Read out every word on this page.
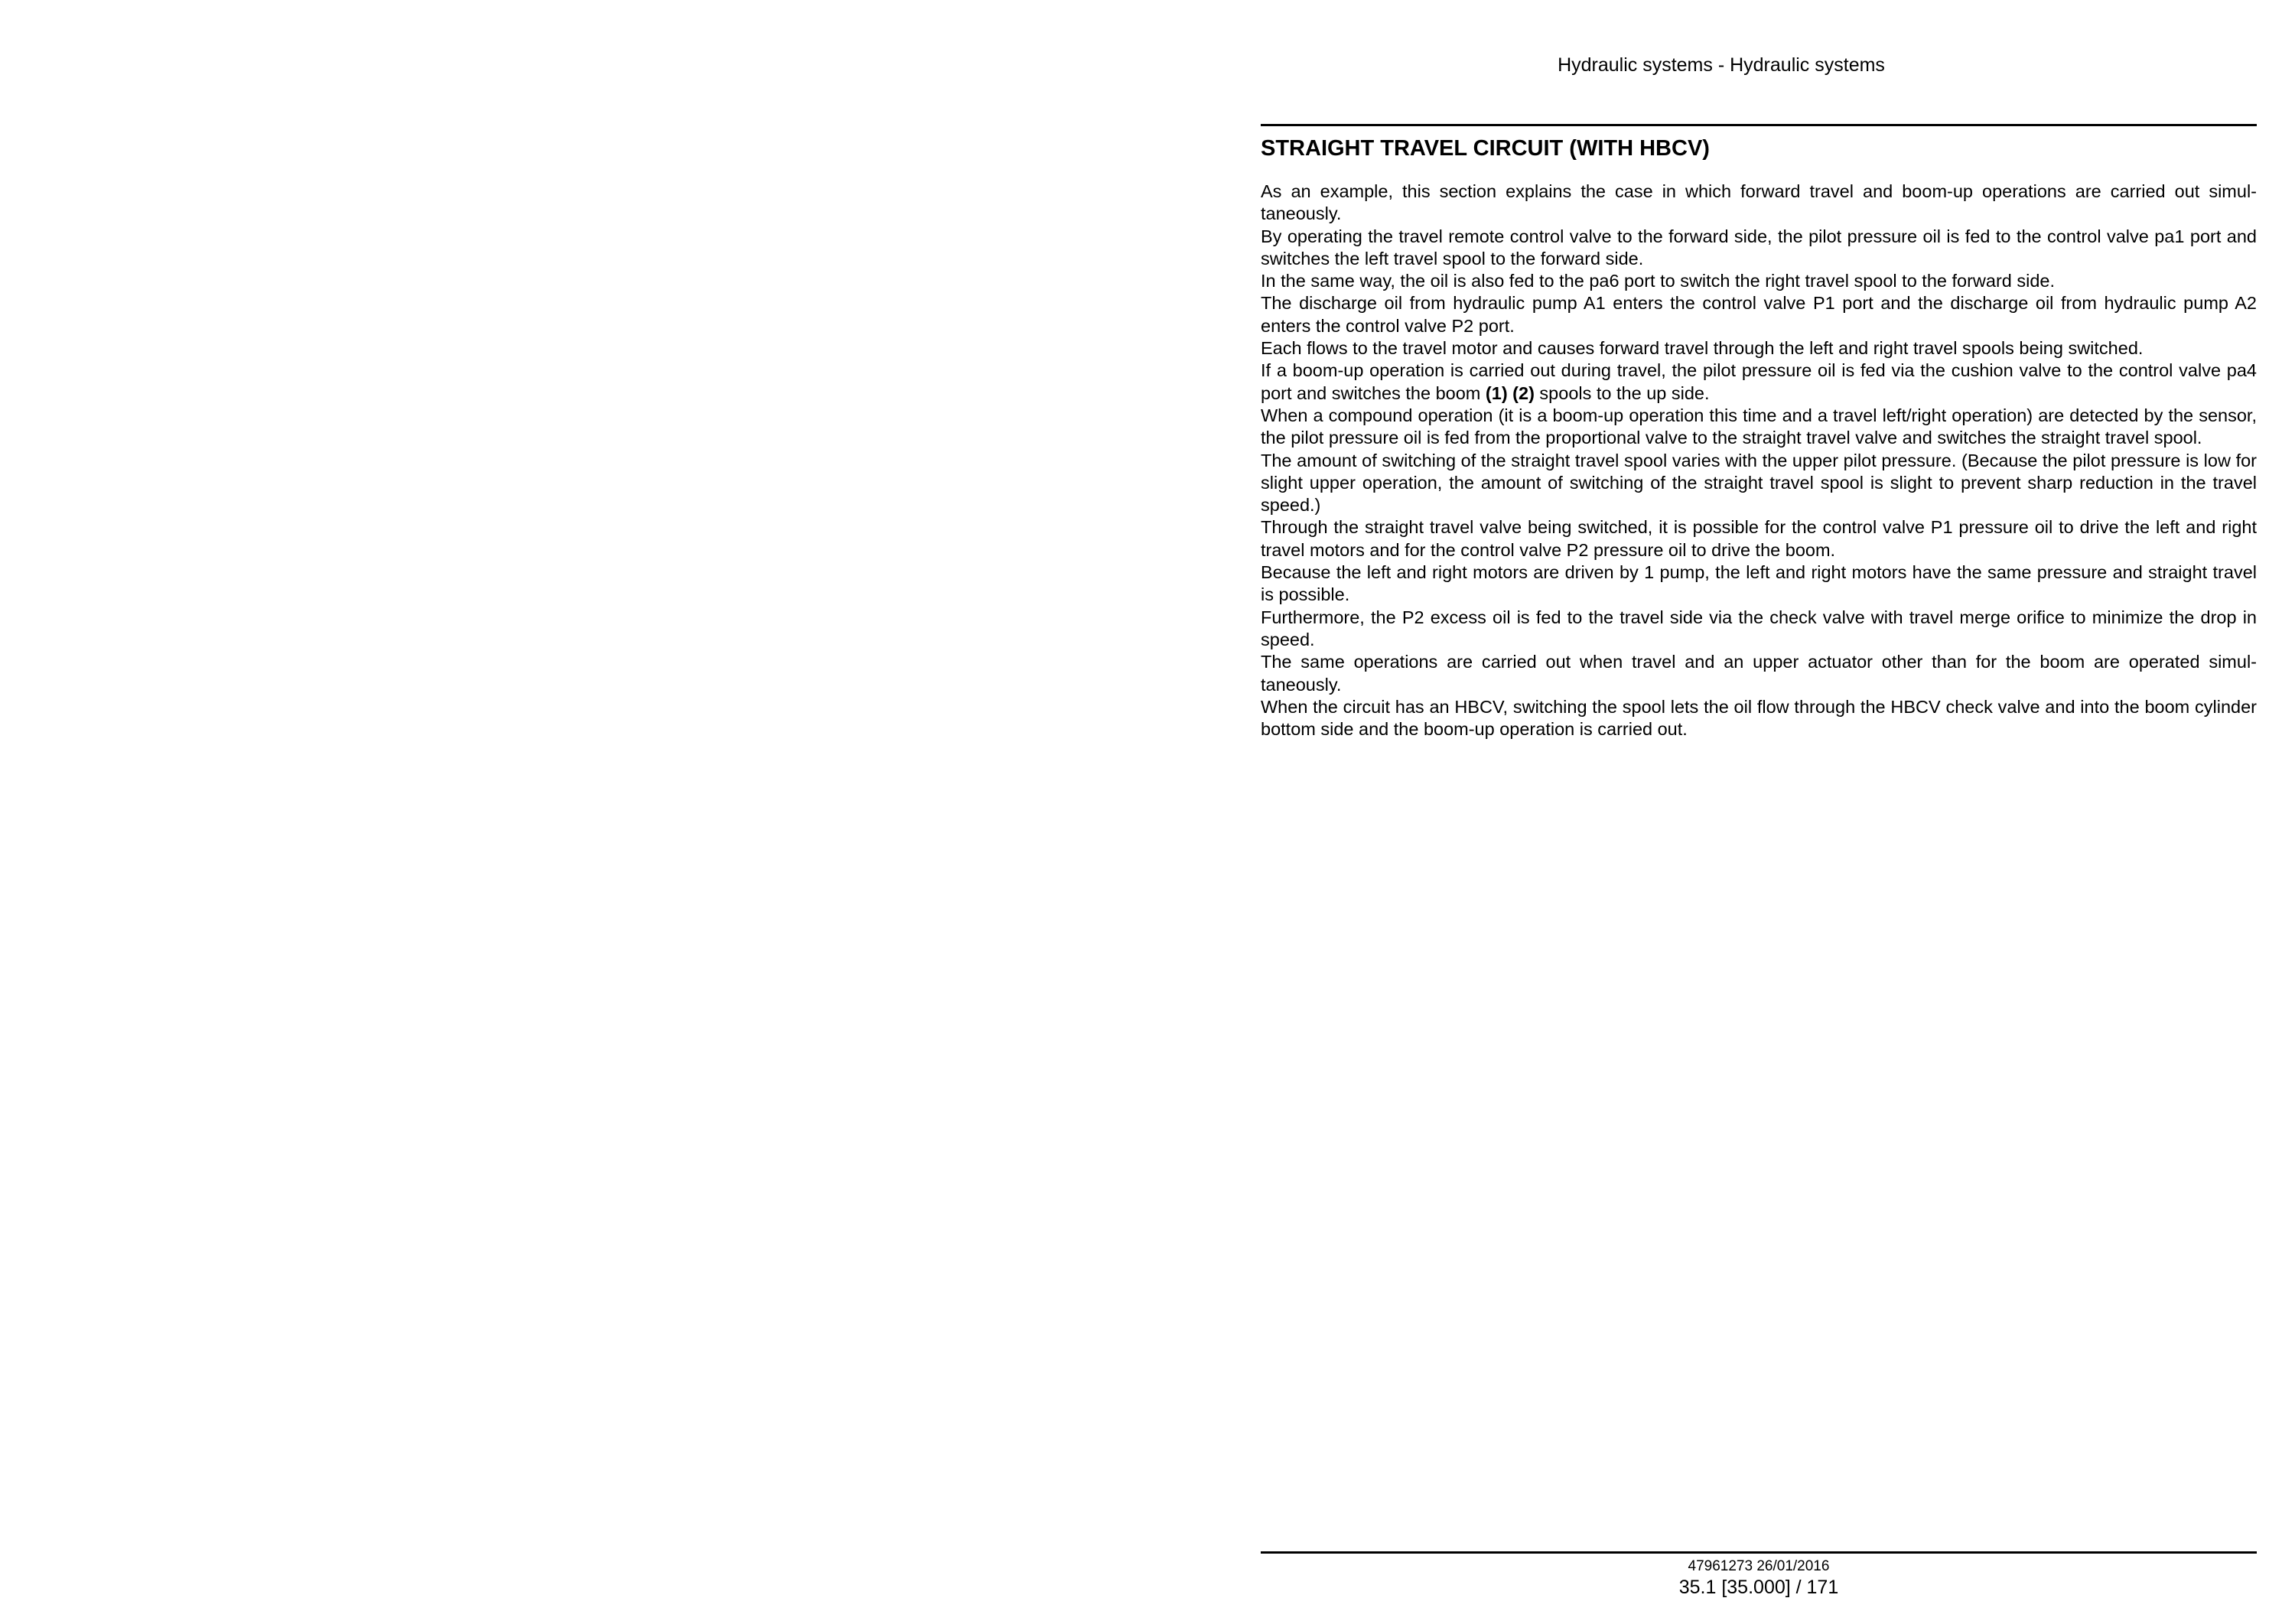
Hydraulic systems - Hydraulic systems
STRAIGHT TRAVEL CIRCUIT (WITH HBCV)

As an example, this section explains the case in which forward travel and boom-up operations are carried out simul-taneously.

By operating the travel remote control valve to the forward side, the pilot pressure oil is fed to the control valve pa1 port and switches the left travel spool to the forward side.

In the same way, the oil is also fed to the pa6 port to switch the right travel spool to the forward side.

The discharge oil from hydraulic pump A1 enters the control valve P1 port and the discharge oil from hydraulic pump A2 enters the control valve P2 port.

Each flows to the travel motor and causes forward travel through the left and right travel spools being switched.

If a boom-up operation is carried out during travel, the pilot pressure oil is fed via the cushion valve to the control valve pa4 port and switches the boom (1) (2) spools to the up side.

When a compound operation (it is a boom-up operation this time and a travel left/right operation) are detected by the sensor, the pilot pressure oil is fed from the proportional valve to the straight travel valve and switches the straight travel spool.

The amount of switching of the straight travel spool varies with the upper pilot pressure. (Because the pilot pressure is low for slight upper operation, the amount of switching of the straight travel spool is slight to prevent sharp reduction in the travel speed.)

Through the straight travel valve being switched, it is possible for the control valve P1 pressure oil to drive the left and right travel motors and for the control valve P2 pressure oil to drive the boom.

Because the left and right motors are driven by 1 pump, the left and right motors have the same pressure and straight travel is possible.

Furthermore, the P2 excess oil is fed to the travel side via the check valve with travel merge orifice to minimize the drop in speed.

The same operations are carried out when travel and an upper actuator other than for the boom are operated simul-taneously.

When the circuit has an HBCV, switching the spool lets the oil flow through the HBCV check valve and into the boom cylinder bottom side and the boom-up operation is carried out.

47961273 26/01/2016
35.1 [35.000] / 171
